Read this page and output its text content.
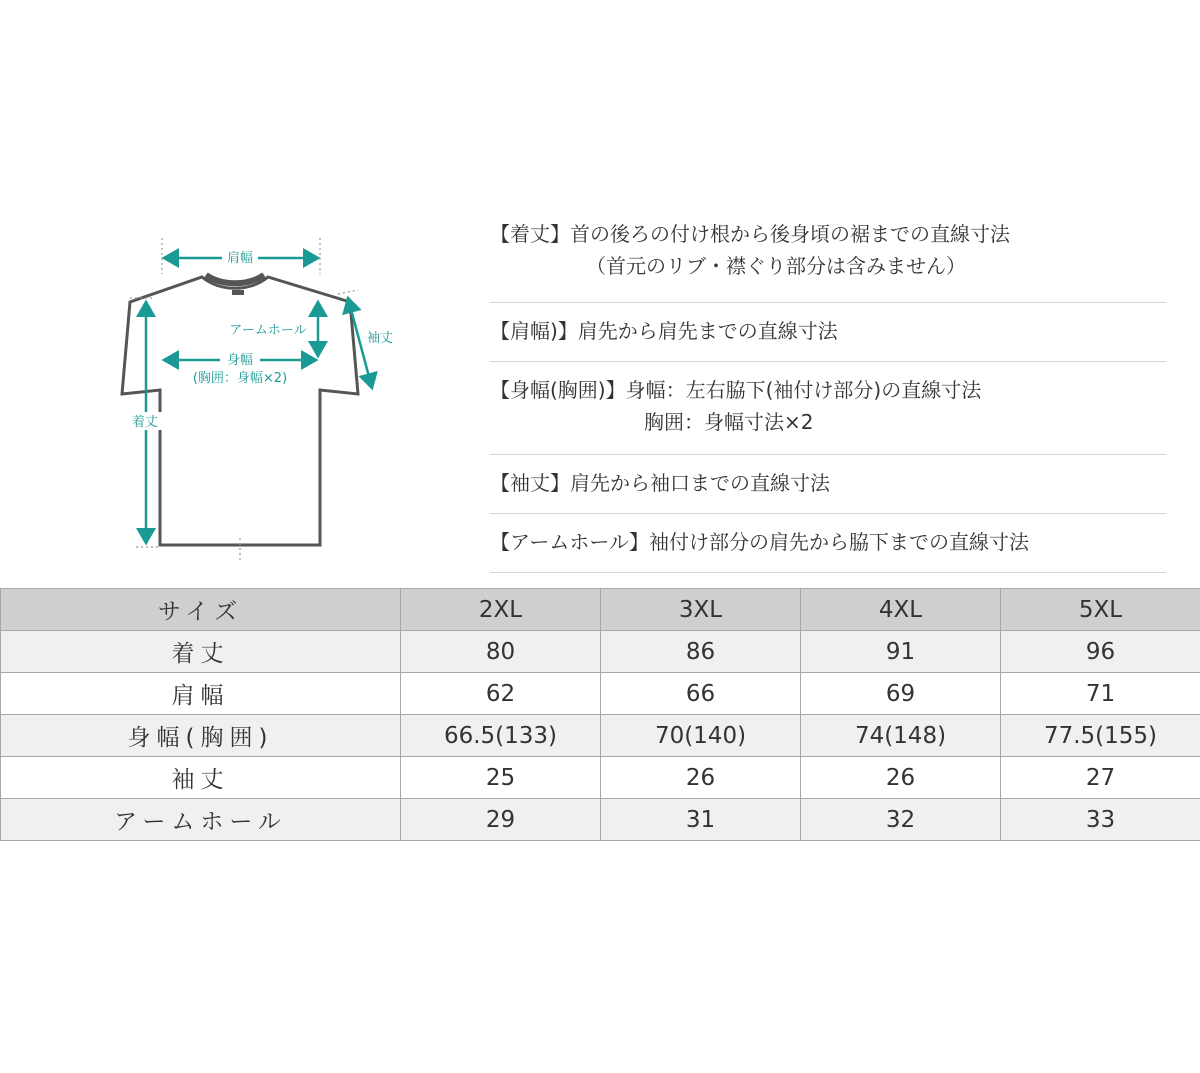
肩幅
アームホール
袖丈
身幅
(胸囲：身幅×2)
着丈
【着丈】首の後ろの付け根から後身頃の裾までの直線寸法
（首元のリブ・襟ぐり部分は含みません）
【肩幅)】肩先から肩先までの直線寸法
【身幅(胸囲)】身幅：左右脇下(袖付け部分)の直線寸法
胸囲：身幅寸法×2
【袖丈】肩先から袖口までの直線寸法
【アームホール】袖付け部分の肩先から脇下までの直線寸法
サイズ	2XL	3XL	4XL	5XL
着丈	80	86	91	96
肩幅	62	66	69	71
身幅(胸囲)	66.5(133)	70(140)	74(148)	77.5(155)
袖丈	25	26	26	27
アームホール	29	31	32	33
